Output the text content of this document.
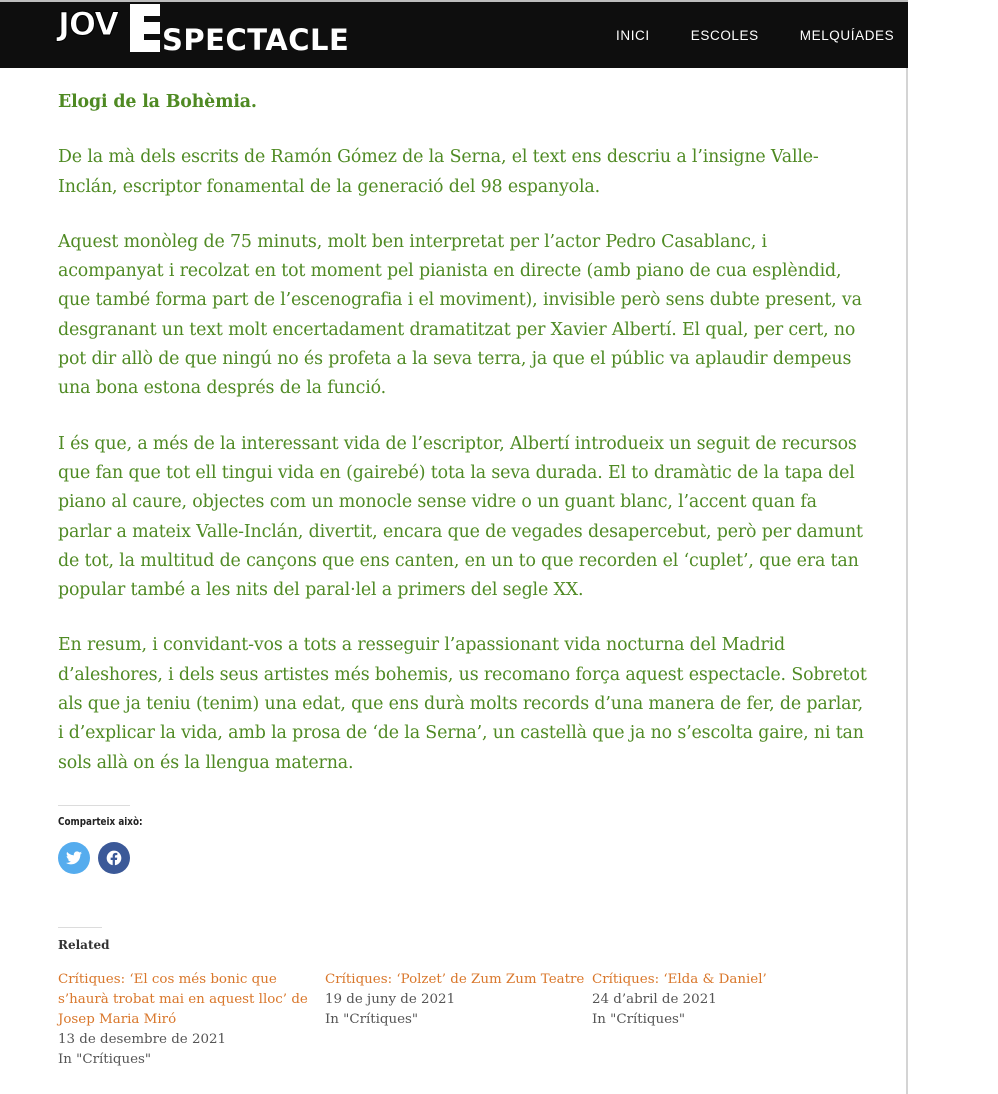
JOV SPECTACLE	INICI	ESCOLES	MELQUÍADES	NO

Elogi de la Bohèmia.

De la mà dels escrits de Ramón Gómez de la Serna, el text ens descriu a l’insigne Valle-Inclán, escriptor fonamental de la generació del 98 espanyola.

Aquest monòleg de 75 minuts, molt ben interpretat per l’actor Pedro Casablanc, i acompanyat i recolzat en tot moment pel pianista en directe (amb piano de cua esplèndid, que també forma part de l’escenografia i el moviment), invisible però sens dubte present, va desgranant un text molt encertadament dramatitzat per Xavier Albertí. El qual, per cert, no pot dir allò de que ningú no és profeta a la seva terra, ja que el públic va aplaudir dempeus una bona estona després de la funció.

I és que, a més de la interessant vida de l’escriptor, Albertí introdueix un seguit de recursos que fan que tot ell tingui vida en (gairebé) tota la seva durada. El to dramàtic de la tapa del piano al caure, objectes com un monocle sense vidre o un guant blanc, l’accent quan fa parlar a mateix Valle-Inclán, divertit, encara que de vegades desapercebut, però per damunt de tot, la multitud de cançons que ens canten, en un to que recorden el ‘cuplet’, que era tan popular també a les nits del paral·lel a primers del segle XX.

En resum, i convidant-vos a tots a resseguir l’apassionant vida nocturna del Madrid d’aleshores, i dels seus artistes més bohemis, us recomano força aquest espectacle. Sobretot als que ja teniu (tenim) una edat, que ens durà molts records d’una manera de fer, de parlar, i d’explicar la vida, amb la prosa de ‘de la Serna’, un castellà que ja no s’escolta gaire, ni tan sols allà on és la llengua materna.

Comparteix això:
Related
Crítiques: ‘El cos més bonic que s’haurà trobat mai en aquest lloc’ de Josep Maria Miró
13 de desembre de 2021
In "Crítiques"
Crítiques: ‘Polzet’ de Zum Zum Teatre
19 de juny de 2021
In "Crítiques"
Crítiques: ‘Elda & Daniel’
24 d’abril de 2021
In "Crítiques"
